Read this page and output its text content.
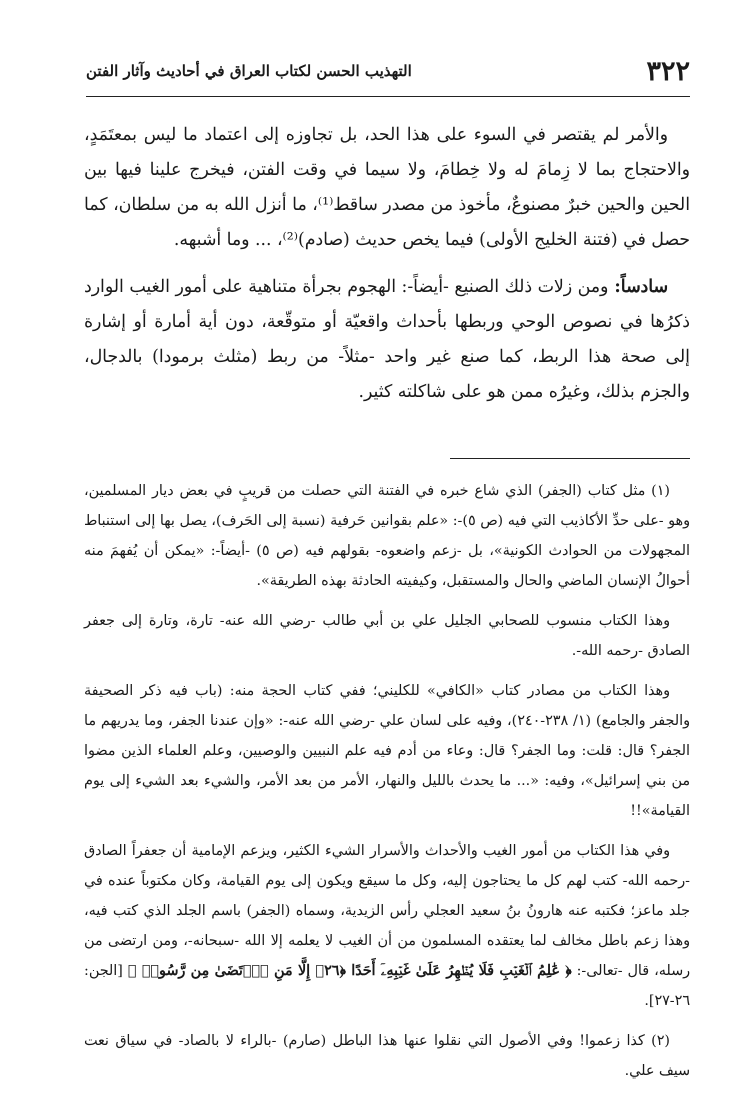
٣٢٢
التهذيب الحسن لكتاب العراق في أحاديث وآثار الفتن

والأمر لم يقتصر في السوء على هذا الحد، بل تجاوزه إلى اعتماد ما ليس بمعتَمَدٍ، والاحتجاج بما لا زِمامَ له ولا خِطامَ، ولا سيما في وقت الفتن، فيخرج علينا فيها بين الحين والحين خبرٌ مصنوعٌ، مأخوذ من مصدر ساقط⁽¹⁾، ما أنزل الله به من سلطان، كما حصل في (فتنة الخليج الأولى) فيما يخص حديث (صادم)⁽²⁾، ... وما أشبهه.

سادساً: ومن زلات ذلك الصنيع -أيضاً-: الهجوم بجرأة متناهية على أمور الغيب الوارد ذكرُها في نصوص الوحي وربطها بأحداث واقعيّة أو متوقّعة، دون أية أمارة أو إشارة إلى صحة هذا الربط، كما صنع غير واحد -مثلاً- من ربط (مثلث برمودا) بالدجال، والجزم بذلك، وغيرُه ممن هو على شاكلته كثير.

(١) مثل كتاب (الجفر) الذي شاع خبره في الفتنة التي حصلت من قريبٍ في بعض ديار المسلمين، وهو -على حدِّ الأكاذيب التي فيه (ص ٥)-: «علم بقوانين حَرفية (نسبة إلى الحَرف)، يصل بها إلى استنباط المجهولات من الحوادث الكونية»، بل -زعم واضعوه- بقولهم فيه (ص ٥) -أيضاً-: «يمكن أن يُفهمَ منه أحوالُ الإنسان الماضي والحال والمستقبل، وكيفيته الحادثة بهذه الطريقة».

وهذا الكتاب منسوب للصحابي الجليل علي بن أبي طالب -رضي الله عنه- تارة، وتارة إلى جعفر الصادق -رحمه الله-.

وهذا الكتاب من مصادر كتاب «الكافي» للكليني؛ ففي كتاب الحجة منه: (باب فيه ذكر الصحيفة والجفر والجامع) (١/ ٢٣٨-٢٤٠)، وفيه على لسان علي -رضي الله عنه-: «وإن عندنا الجفر، وما يدريهم ما الجفر؟ قال: قلت: وما الجفر؟ قال: وعاء من أدم فيه علم النبيين والوصيين، وعلم العلماء الذين مضوا من بني إسرائيل»، وفيه: «... ما يحدث بالليل والنهار، الأمر من بعد الأمر، والشيء بعد الشيء إلى يوم القيامة»!!

وفي هذا الكتاب من أمور الغيب والأحداث والأسرار الشيء الكثير، ويزعم الإمامية أن جعفراً الصادق -رحمه الله- كتب لهم كل ما يحتاجون إليه، وكل ما سيقع ويكون إلى يوم القيامة، وكان مكتوباً عنده في جلد ماعز؛ فكتبه عنه هارونُ بنُ سعيد العجلي رأس الزيدية، وسماه (الجفر) باسم الجلد الذي كتب فيه، وهذا زعم باطل مخالف لما يعتقده المسلمون من أن الغيب لا يعلمه إلا الله -سبحانه-، ومن ارتضى من رسله، قال -تعالى-: ﴿ عَٰلِمُ ٱلۡغَيۡبِ فَلَا يُظۡهِرُ عَلَىٰ غَيۡبِهِۦٓ أَحَدًا ﴿٢٦﴾ إِلَّا مَنِ ٱرۡتَضَىٰ مِن رَّسُولٖ ﴾ [الجن: ٢٦-٢٧].

(٢) كذا زعموا! وفي الأصول التي نقلوا عنها هذا الباطل (صارم) -بالراء لا بالصاد- في سياق نعت سيف علي.
